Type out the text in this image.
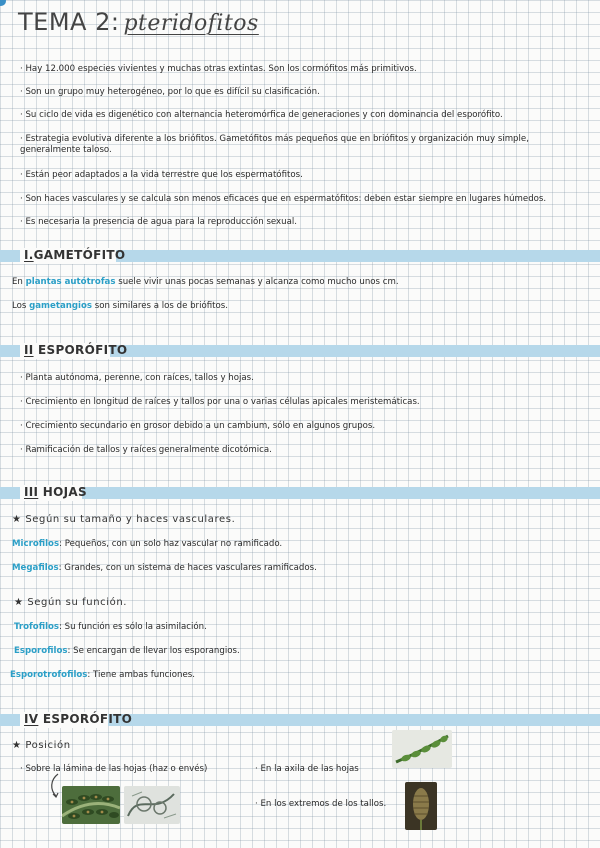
TEMA 2: pteridofitos
· Hay 12.000 especies vivientes y muchas otras extintas. Son los cormófitos más primitivos.
· Son un grupo muy heterogéneo, por lo que es difícil su clasificación.
· Su ciclo de vida es digenético con alternancia heteromórfica de generaciones y con dominancia del esporófito.
· Estrategia evolutiva diferente a los briófitos. Gametófitos más pequeños que en briófitos y organización muy simple, generalmente taloso.
· Están peor adaptados a la vida terrestre que los espermatófitos.
· Son haces vasculares y se calcula son menos eficaces que en espermatófitos: deben estar siempre en lugares húmedos.
· Es necesaria la presencia de agua para la reproducción sexual.
I.GAMETÓFITO
En plantas autótrofas suele vivir unas pocas semanas y alcanza como mucho unos cm.
Los gametangios son similares a los de briófitos.
II ESPORÓFITO
· Planta autónoma, perenne, con raíces, tallos y hojas.
· Crecimiento en longitud de raíces y tallos por una o varias células apicales meristemáticas.
· Crecimiento secundario en grosor debido a un cambium, sólo en algunos grupos.
· Ramificación de tallos y raíces generalmente dicotómica.
III HOJAS
★ Según su tamaño y haces vasculares.
Microfilos: Pequeños, con un solo haz vascular no ramificado.
Megafilos: Grandes, con un sistema de haces vasculares ramificados.
★ Según su función.
Trofofilos: Su función es sólo la asimilación.
Esporofilos: Se encargan de llevar los esporangios.
Esporotrofofilos: Tiene ambas funciones.
IV ESPORÓFITO
★ Posición
· Sobre la lámina de las hojas (haz o envés)	· En la axila de las hojas
· En los extremos de los tallos.
